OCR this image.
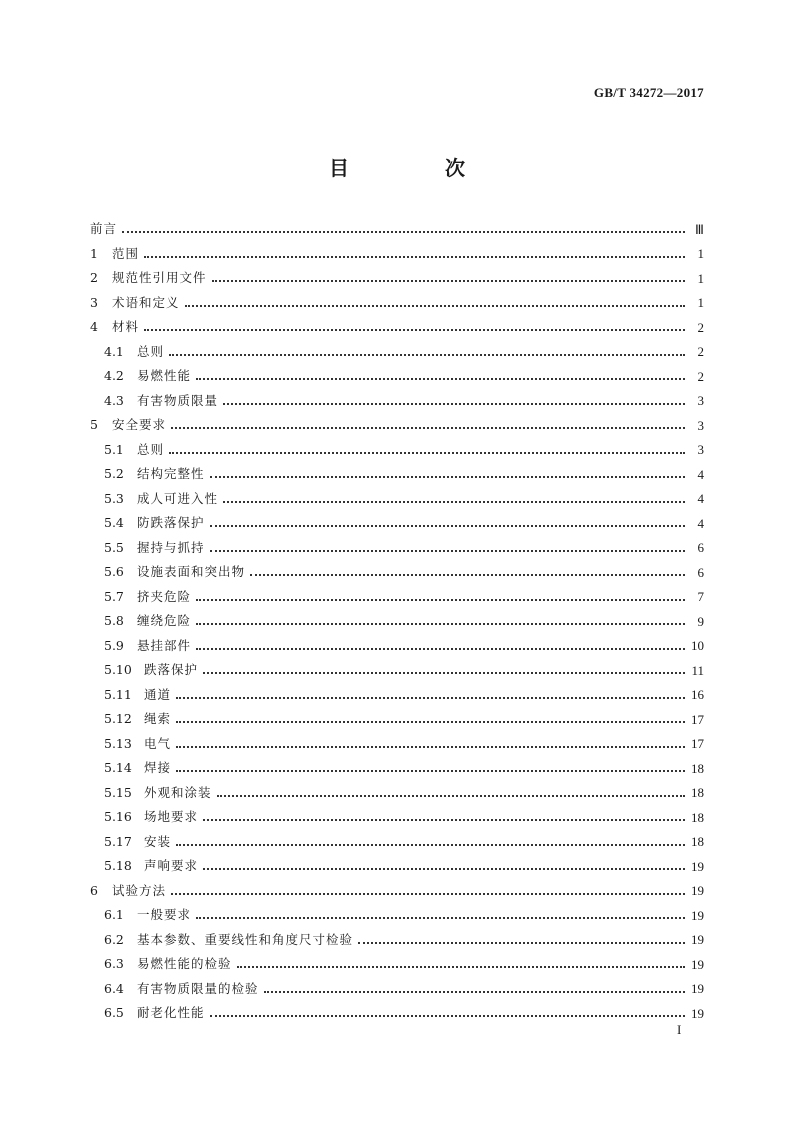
GB/T 34272—2017
目　次
前言	Ⅲ
1	范围	1
2	规范性引用文件	1
3	术语和定义	1
4	材料	2
4.1	总则	2
4.2	易燃性能	2
4.3	有害物质限量	3
5	安全要求	3
5.1	总则	3
5.2	结构完整性	4
5.3	成人可进入性	4
5.4	防跌落保护	4
5.5	握持与抓持	6
5.6	设施表面和突出物	6
5.7	挤夹危险	7
5.8	缠绕危险	9
5.9	悬挂部件	10
5.10 跌落保护	11
5.11 通道	16
5.12 绳索	17
5.13 电气	17
5.14 焊接	18
5.15 外观和涂装	18
5.16 场地要求	18
5.17 安装	18
5.18 声响要求	19
6	试验方法	19
6.1	一般要求	19
6.2	基本参数、重要线性和角度尺寸检验	19
6.3	易燃性能的检验	19
6.4	有害物质限量的检验	19
6.5	耐老化性能	19
I
